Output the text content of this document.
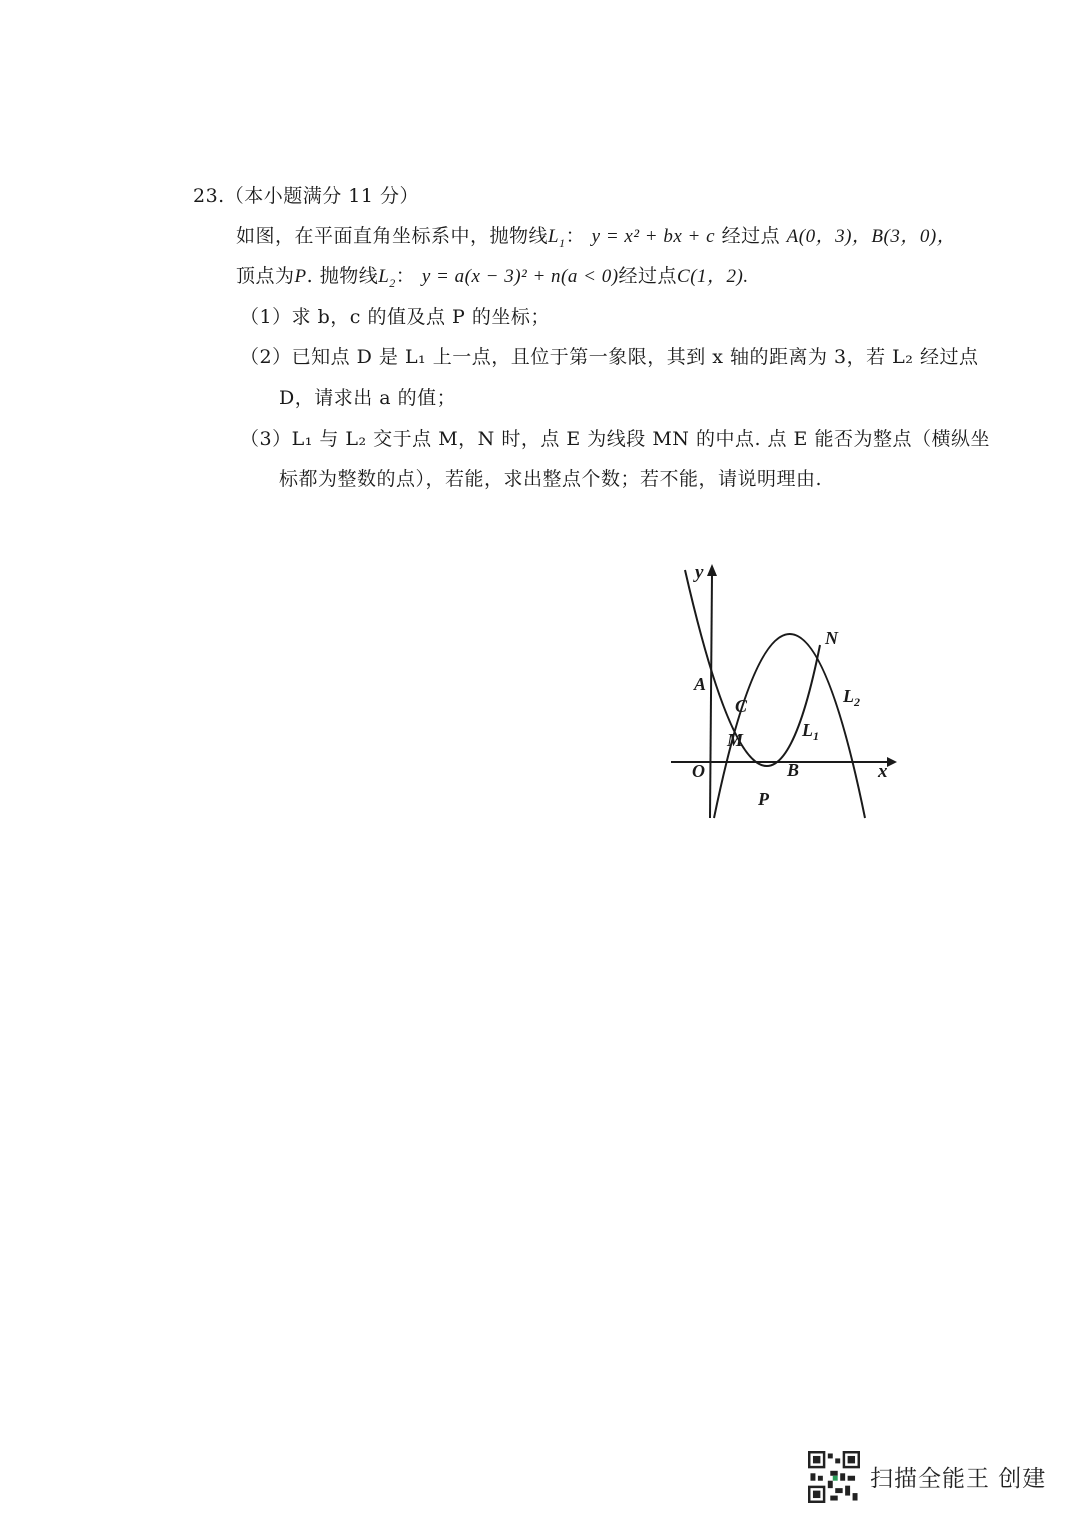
23.（本小题满分 11 分）
如图，在平面直角坐标系中，抛物线$L_1$： y = x² + bx + c 经过点 A(0，3)，B(3，0)，
顶点为P. 抛物线$L_2$： y = a(x − 3)² + n(a < 0)经过点C(1，2).
（1）求 b，c 的值及点 P 的坐标；
（2）已知点 D 是 L₁ 上一点，且位于第一象限，其到 x 轴的距离为 3，若 L₂ 经过点
D，请求出 a 的值；
（3）L₁ 与 L₂ 交于点 M，N 时，点 E 为线段 MN 的中点. 点 E 能否为整点（横纵坐
标都为整数的点），若能，求出整点个数；若不能，请说明理由.
y
x
O
A
C
M
B
P
N
$L_1$
$L_2$
扫描全能王 创建
